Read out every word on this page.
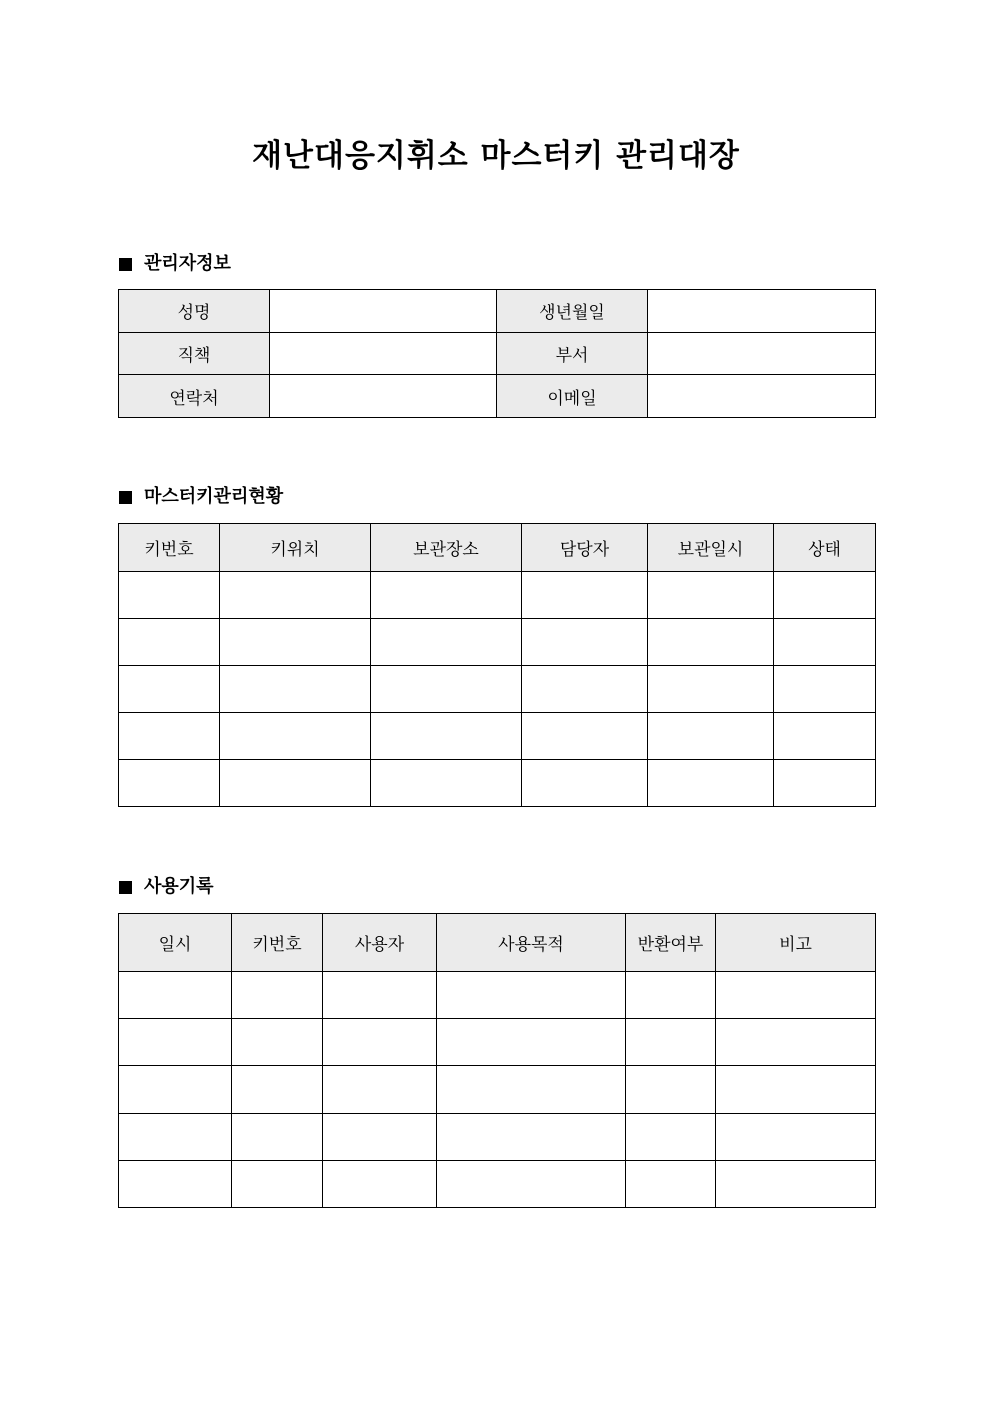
재난대응지휘소 마스터키 관리대장
관리자정보
성명		생년월일	
직책		부서	
연락처		이메일	
마스터키관리현황
키번호	키위치	보관장소	담당자	보관일시	상태

사용기록
일시	키번호	사용자	사용목적	반환여부	비고
